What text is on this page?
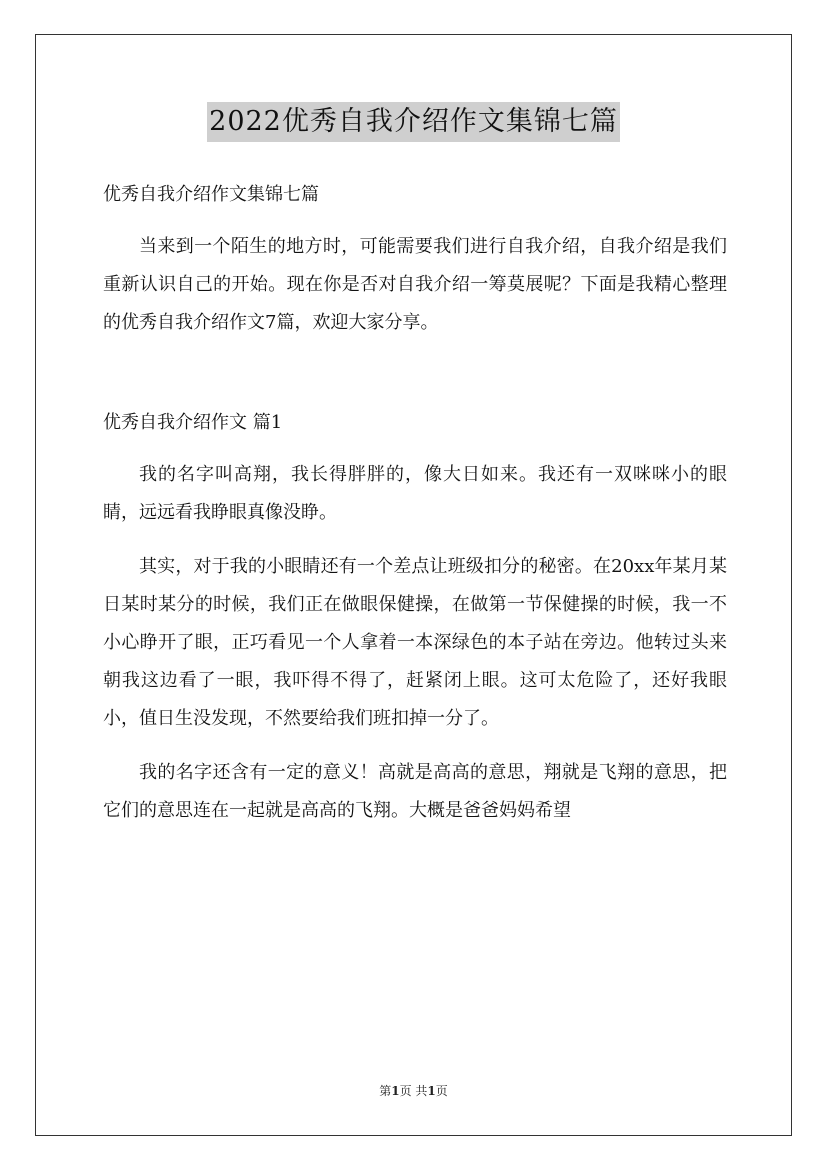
2022优秀自我介绍作文集锦七篇

优秀自我介绍作文集锦七篇

当来到一个陌生的地方时，可能需要我们进行自我介绍，自我介绍是我们重新认识自己的开始。现在你是否对自我介绍一筹莫展呢？下面是我精心整理的优秀自我介绍作文7篇，欢迎大家分享。

优秀自我介绍作文 篇1

我的名字叫高翔，我长得胖胖的，像大日如来。我还有一双咪咪小的眼睛，远远看我睁眼真像没睁。

其实，对于我的小眼睛还有一个差点让班级扣分的秘密。在20xx年某月某日某时某分的时候，我们正在做眼保健操，在做第一节保健操的时候，我一不小心睁开了眼，正巧看见一个人拿着一本深绿色的本子站在旁边。他转过头来朝我这边看了一眼，我吓得不得了，赶紧闭上眼。这可太危险了，还好我眼小，值日生没发现，不然要给我们班扣掉一分了。

我的名字还含有一定的意义！高就是高高的意思，翔就是飞翔的意思，把它们的意思连在一起就是高高的飞翔。大概是爸爸妈妈希望

第1页 共1页
